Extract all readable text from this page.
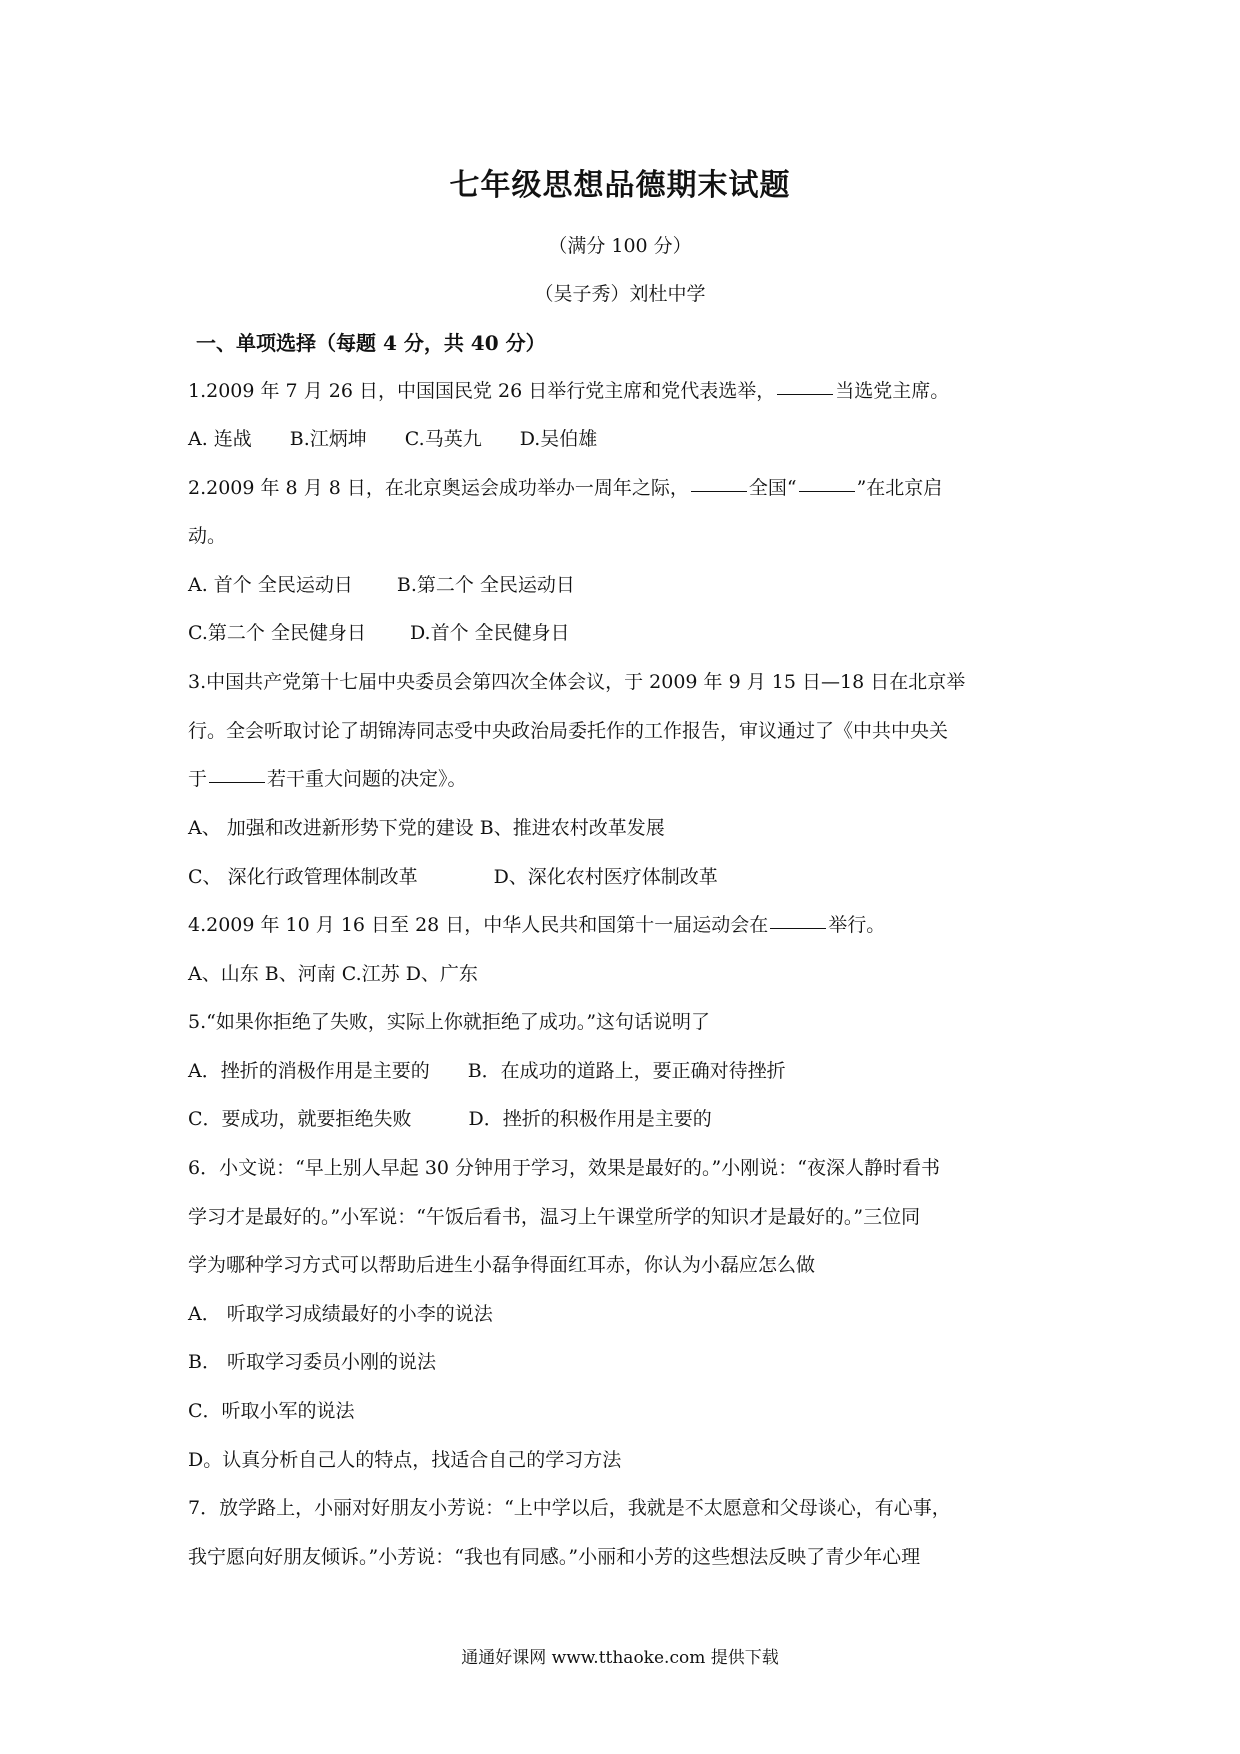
七年级思想品德期末试题
（满分 100 分）
（吴子秀）刘杜中学
一、单项选择（每题 4 分，共 40 分）
1.2009 年 7 月 26 日，中国国民党 26 日举行党主席和党代表选举，	当选党主席。
A. 连战　　B.江炳坤　　C.马英九　　D.吴伯雄
2.2009 年 8 月 8 日，在北京奥运会成功举办一周年之际，	全国“	”在北京启
动。
A. 首个 全民运动日　　 B.第二个 全民运动日
C.第二个 全民健身日　　 D.首个 全民健身日
3.中国共产党第十七届中央委员会第四次全体会议，于 2009 年 9 月 15 日—18 日在北京举
行。全会听取讨论了胡锦涛同志受中央政治局委托作的工作报告，审议通过了《中共中央关
于	若干重大问题的决定》。
A、 加强和改进新形势下党的建设 B、推进农村改革发展
C、 深化行政管理体制改革　　　　D、深化农村医疗体制改革
4.2009 年 10 月 16 日至 28 日，中华人民共和国第十一届运动会在	举行。
A、山东 B、河南 C.江苏 D、广东
5.“如果你拒绝了失败，实际上你就拒绝了成功。”这句话说明了
A．挫折的消极作用是主要的　　B．在成功的道路上，要正确对待挫折
C．要成功，就要拒绝失败　　　D．挫折的积极作用是主要的
6．小文说：“早上别人早起 30 分钟用于学习，效果是最好的。”小刚说：“夜深人静时看书
学习才是最好的。”小军说：“午饭后看书，温习上午课堂所学的知识才是最好的。”三位同
学为哪种学习方式可以帮助后进生小磊争得面红耳赤，你认为小磊应怎么做
A． 听取学习成绩最好的小李的说法
B． 听取学习委员小刚的说法
C．听取小军的说法
D。认真分析自己人的特点，找适合自己的学习方法
7．放学路上，小丽对好朋友小芳说：“上中学以后，我就是不太愿意和父母谈心，有心事，
我宁愿向好朋友倾诉。”小芳说：“我也有同感。”小丽和小芳的这些想法反映了青少年心理
通通好课网 www.tthaoke.com 提供下载
